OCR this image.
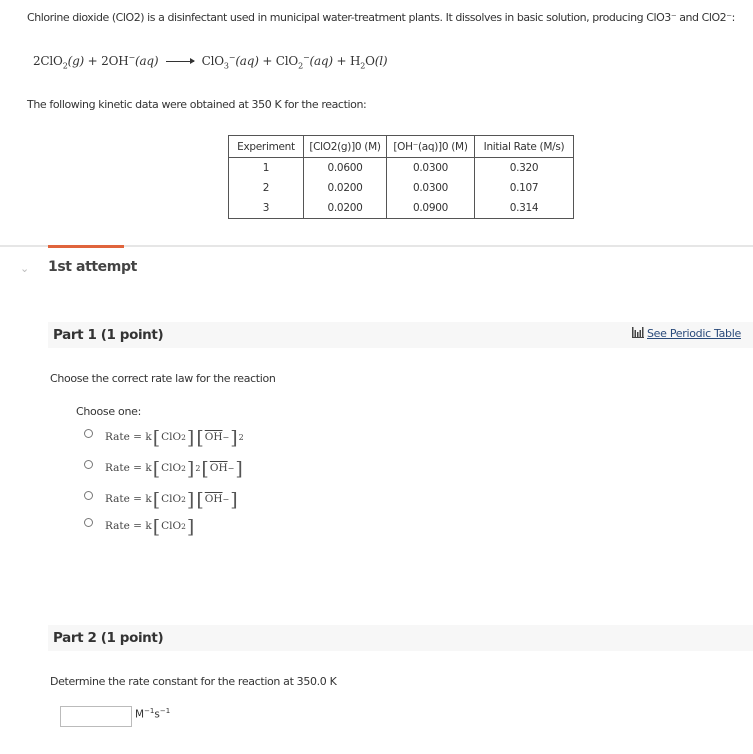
Chlorine dioxide (ClO2) is a disinfectant used in municipal water-treatment plants. It dissolves in basic solution, producing ClO3⁻ and ClO2⁻:
$2ClO_2(g) + 2OH^-(aq) \to ClO_3^-(aq) + ClO_2^-(aq) + H_2O(l)$
The following kinetic data were obtained at 350 K for the reaction:
Experiment	[ClO2(g)]0 (M)	[OH⁻(aq)]0 (M)	Initial Rate (M/s)
1	0.0600	0.0300	0.320
2	0.0200	0.0300	0.107
3	0.0200	0.0900	0.314
⌄ 1st attempt
Part 1 (1 point)	See Periodic Table
Choose the correct rate law for the reaction
Choose one:
Rate = k [ ClO 2 ] [ $\overline{OH}$ − ] 2
Rate = k [ ClO 2 ] 2 [ $\overline{OH}$ − ]
Rate = k [ ClO 2 ] [ $\overline{OH}$ − ]
Rate = k [ ClO 2 ]
Part 2 (1 point)
Determine the rate constant for the reaction at 350.0 K
$M^{-1}s^{-1}$
